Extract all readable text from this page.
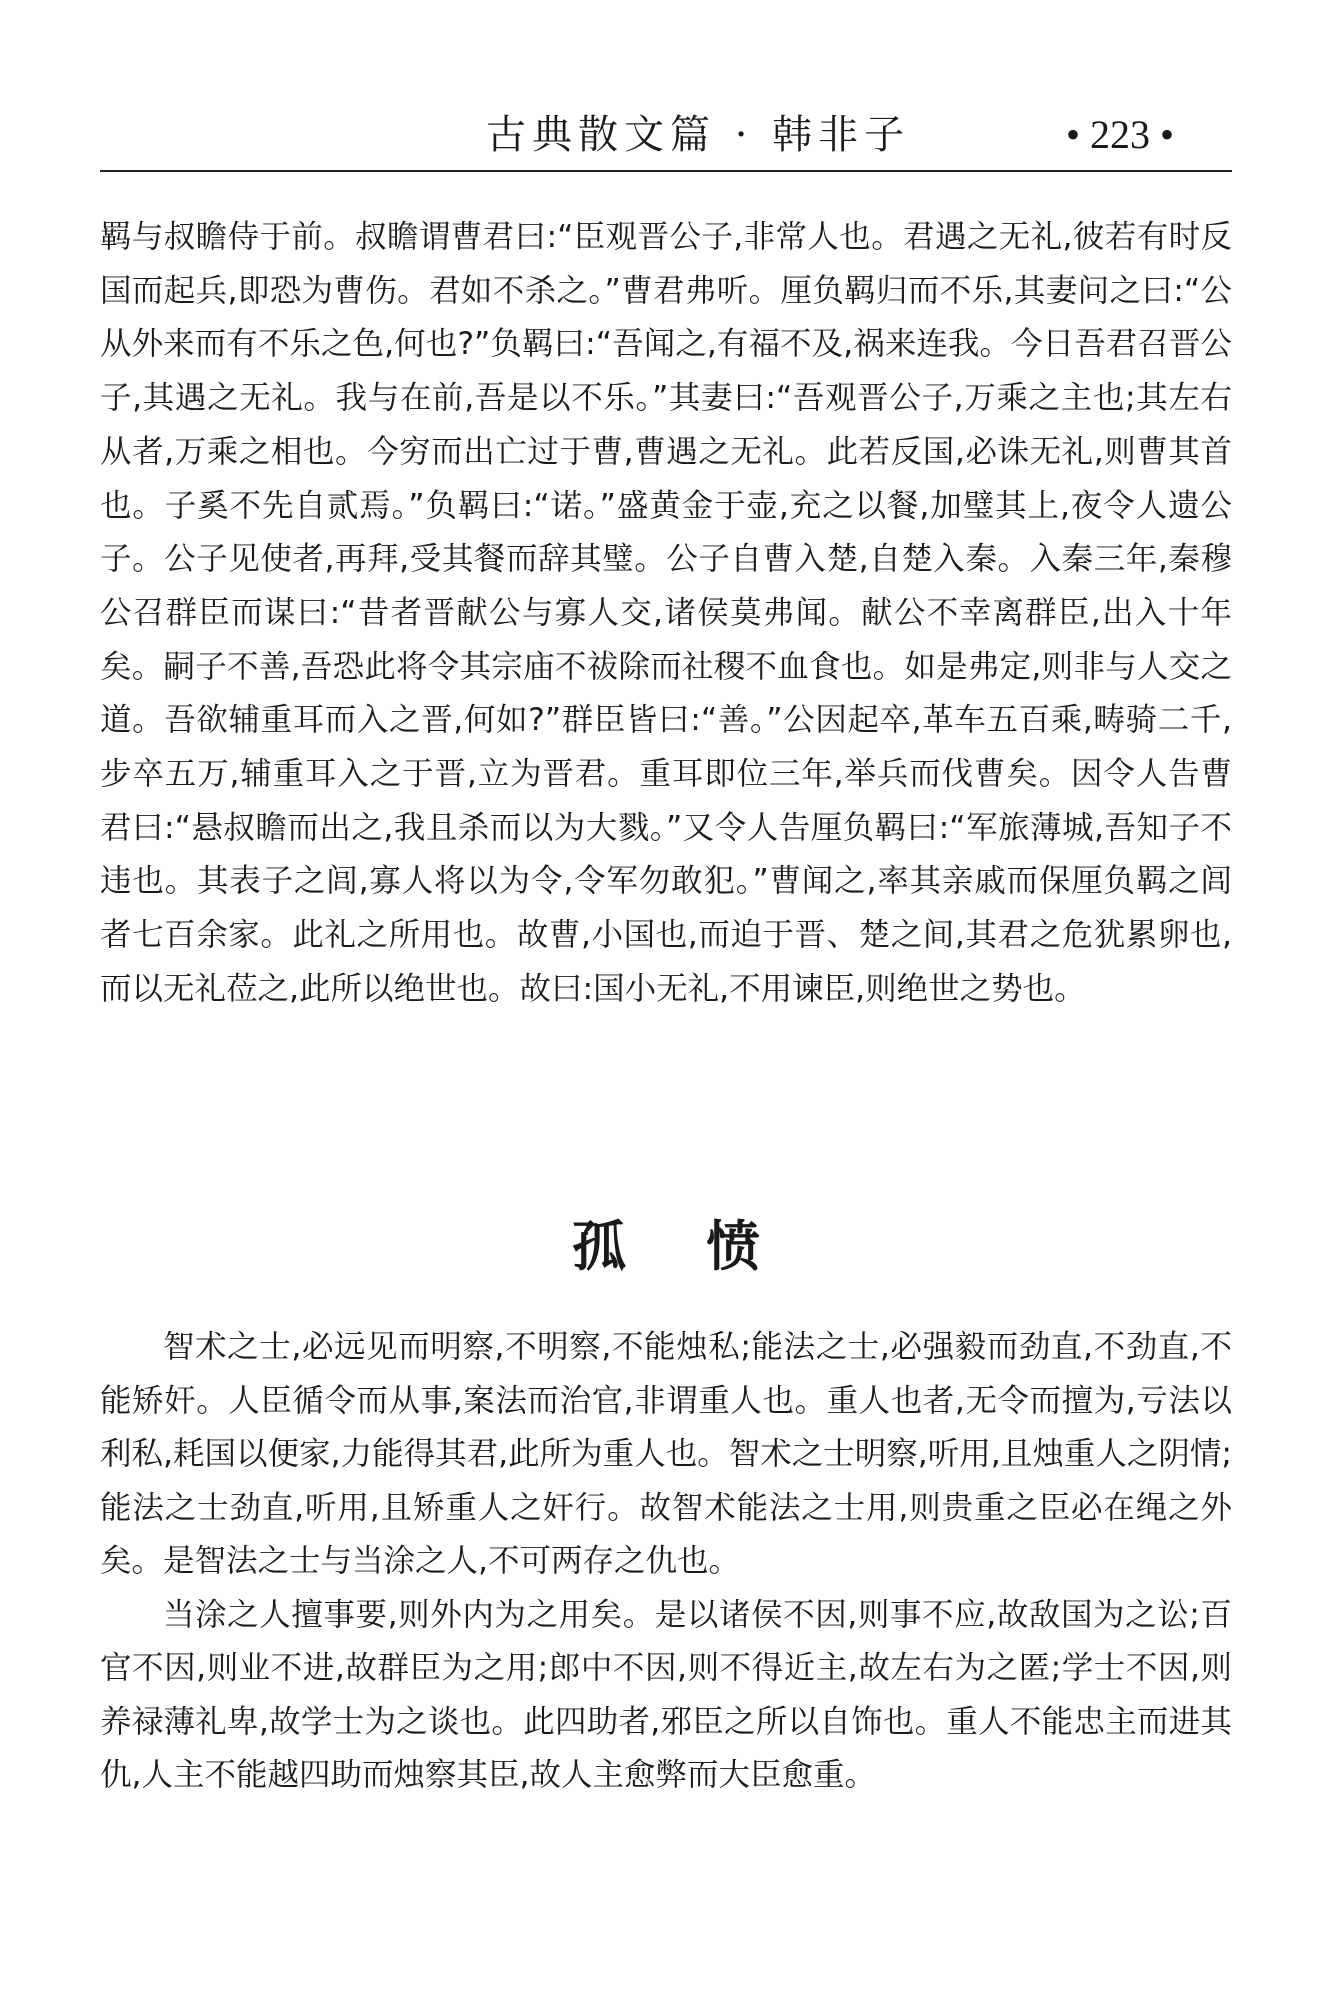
古典散文篇 · 韩非子	• 223 •

羁与叔瞻侍于前。叔瞻谓曹君曰:“臣观晋公子,非常人也。君遇之无礼,彼若有时反国而起兵,即恐为曹伤。君如不杀之。”曹君弗听。厘负羁归而不乐,其妻问之曰:“公从外来而有不乐之色,何也?”负羁曰:“吾闻之,有福不及,祸来连我。今日吾君召晋公子,其遇之无礼。我与在前,吾是以不乐。”其妻曰:“吾观晋公子,万乘之主也;其左右从者,万乘之相也。今穷而出亡过于曹,曹遇之无礼。此若反国,必诛无礼,则曹其首也。子奚不先自贰焉。”负羁曰:“诺。”盛黄金于壶,充之以餐,加璧其上,夜令人遗公子。公子见使者,再拜,受其餐而辞其璧。公子自曹入楚,自楚入秦。入秦三年,秦穆公召群臣而谋曰:“昔者晋献公与寡人交,诸侯莫弗闻。献公不幸离群臣,出入十年矣。嗣子不善,吾恐此将令其宗庙不祓除而社稷不血食也。如是弗定,则非与人交之道。吾欲辅重耳而入之晋,何如?”群臣皆曰:“善。”公因起卒,革车五百乘,畴骑二千,步卒五万,辅重耳入之于晋,立为晋君。重耳即位三年,举兵而伐曹矣。因令人告曹君曰:“悬叔瞻而出之,我且杀而以为大戮。”又令人告厘负羁曰:“军旅薄城,吾知子不违也。其表子之闾,寡人将以为令,令军勿敢犯。”曹闻之,率其亲戚而保厘负羁之闾者七百余家。此礼之所用也。故曹,小国也,而迫于晋、楚之间,其君之危犹累卵也,而以无礼莅之,此所以绝世也。故曰:国小无礼,不用谏臣,则绝世之势也。

孤愤

智术之士,必远见而明察,不明察,不能烛私;能法之士,必强毅而劲直,不劲直,不能矫奸。人臣循令而从事,案法而治官,非谓重人也。重人也者,无令而擅为,亏法以利私,耗国以便家,力能得其君,此所为重人也。智术之士明察,听用,且烛重人之阴情;能法之士劲直,听用,且矫重人之奸行。故智术能法之士用,则贵重之臣必在绳之外矣。是智法之士与当涂之人,不可两存之仇也。

当涂之人擅事要,则外内为之用矣。是以诸侯不因,则事不应,故敌国为之讼;百官不因,则业不进,故群臣为之用;郎中不因,则不得近主,故左右为之匿;学士不因,则养禄薄礼卑,故学士为之谈也。此四助者,邪臣之所以自饰也。重人不能忠主而进其仇,人主不能越四助而烛察其臣,故人主愈弊而大臣愈重。
